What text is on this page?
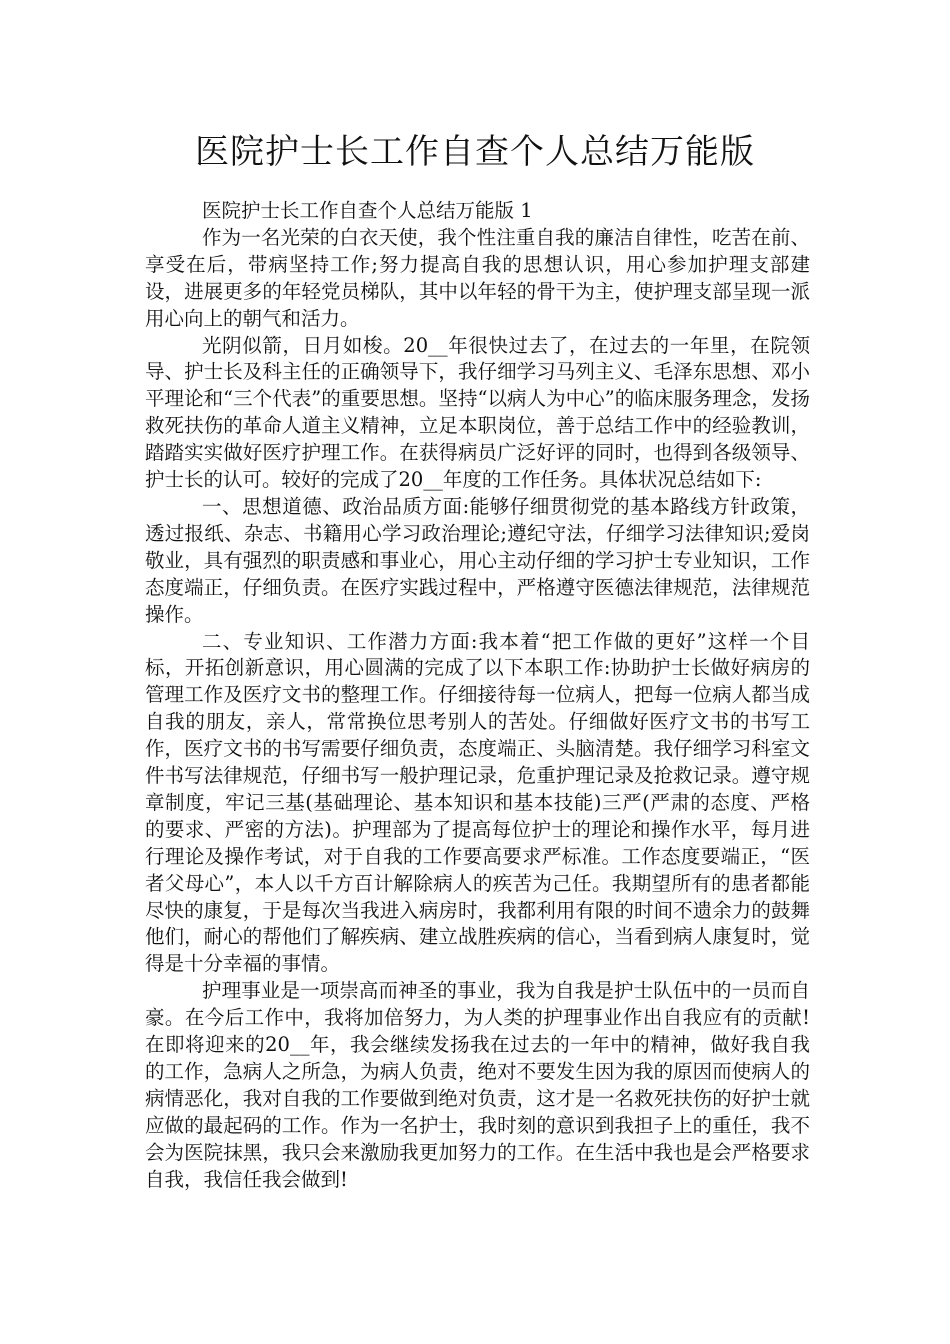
医院护士长工作自查个人总结万能版

医院护士长工作自查个人总结万能版 1

作为一名光荣的白衣天使，我个性注重自我的廉洁自律性，吃苦在前、享受在后，带病坚持工作;努力提高自我的思想认识，用心参加护理支部建设，进展更多的年轻党员梯队，其中以年轻的骨干为主，使护理支部呈现一派用心向上的朝气和活力。

光阴似箭，日月如梭。20__年很快过去了，在过去的一年里，在院领导、护士长及科主任的正确领导下，我仔细学习马列主义、毛泽东思想、邓小平理论和“三个代表”的重要思想。坚持“以病人为中心”的临床服务理念，发扬救死扶伤的革命人道主义精神，立足本职岗位，善于总结工作中的经验教训，踏踏实实做好医疗护理工作。在获得病员广泛好评的同时，也得到各级领导、护士长的认可。较好的完成了20__年度的工作任务。具体状况总结如下:

一、思想道德、政治品质方面:能够仔细贯彻党的基本路线方针政策，透过报纸、杂志、书籍用心学习政治理论;遵纪守法，仔细学习法律知识;爱岗敬业，具有强烈的职责感和事业心，用心主动仔细的学习护士专业知识，工作态度端正，仔细负责。在医疗实践过程中，严格遵守医德法律规范，法律规范操作。

二、专业知识、工作潜力方面:我本着“把工作做的更好”这样一个目标，开拓创新意识，用心圆满的完成了以下本职工作:协助护士长做好病房的管理工作及医疗文书的整理工作。仔细接待每一位病人，把每一位病人都当成自我的朋友，亲人，常常换位思考别人的苦处。仔细做好医疗文书的书写工作，医疗文书的书写需要仔细负责，态度端正、头脑清楚。我仔细学习科室文件书写法律规范，仔细书写一般护理记录，危重护理记录及抢救记录。遵守规章制度，牢记三基(基础理论、基本知识和基本技能)三严(严肃的态度、严格的要求、严密的方法)。护理部为了提高每位护士的理论和操作水平，每月进行理论及操作考试，对于自我的工作要高要求严标准。工作态度要端正，“医者父母心”，本人以千方百计解除病人的疾苦为己任。我期望所有的患者都能尽快的康复，于是每次当我进入病房时，我都利用有限的时间不遗余力的鼓舞他们，耐心的帮他们了解疾病、建立战胜疾病的信心，当看到病人康复时，觉得是十分幸福的事情。

护理事业是一项崇高而神圣的事业，我为自我是护士队伍中的一员而自豪。在今后工作中，我将加倍努力，为人类的护理事业作出自我应有的贡献!在即将迎来的20__年，我会继续发扬我在过去的一年中的精神，做好我自我的工作，急病人之所急，为病人负责，绝对不要发生因为我的原因而使病人的病情恶化，我对自我的工作要做到绝对负责，这才是一名救死扶伤的好护士就应做的最起码的工作。作为一名护士，我时刻的意识到我担子上的重任，我不会为医院抹黑，我只会来激励我更加努力的工作。在生活中我也是会严格要求自我，我信任我会做到!
